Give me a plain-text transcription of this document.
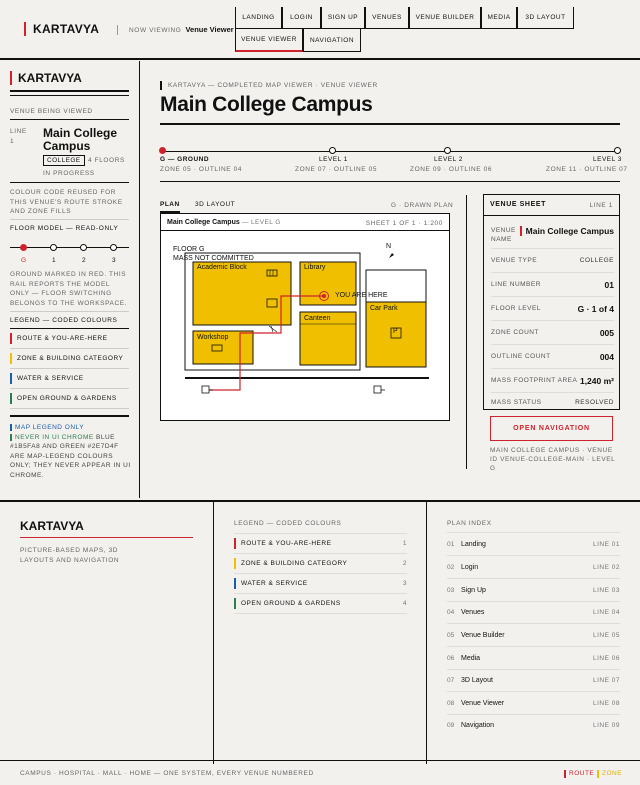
KARTAVYA	NOW VIEWING Venue Viewer
LANDING	LOGIN	SIGN UP	VENUES	VENUE BUILDER	MEDIA	3D LAYOUT
VENUE VIEWER	NAVIGATION
KARTAVYA
VENUE BEING VIEWED
LINE
1
Main College Campus
COLLEGE	4 FLOORS
IN PROGRESS
COLOUR CODE REUSED FOR THIS VENUE'S ROUTE STROKE AND ZONE FILLS
FLOOR MODEL — READ-ONLY
G	1	2	3
GROUND MARKED IN RED. THIS RAIL REPORTS THE MODEL ONLY — FLOOR SWITCHING BELONGS TO THE WORKSPACE.
LEGEND — CODED COLOURS
ROUTE & YOU-ARE-HERE
ZONE & BUILDING CATEGORY
WATER & SERVICE
OPEN GROUND & GARDENS
MAP LEGEND ONLY
NEVER IN UI CHROME BLUE #1B5FA8 AND GREEN #2E7D4F ARE MAP-LEGEND COLOURS ONLY; THEY NEVER APPEAR IN UI CHROME.
KARTAVYA — COMPLETED MAP VIEWER · VENUE VIEWER
Main College Campus
G — GROUND
ZONE 05 · OUTLINE 04
LEVEL 1
ZONE 07 · OUTLINE 05
LEVEL 2
ZONE 09 · OUTLINE 06
LEVEL 3
ZONE 11 · OUTLINE 07
PLAN 3D LAYOUT	G · DRAWN PLAN
Main College Campus — LEVEL G	SHEET 1 OF 1 · 1:200
FLOOR G
MASS NOT COMMITTED
N
Academic Block	Library
Canteen
Workshop
Car Park
YOU ARE HERE
P
VENUE SHEET	LINE 1
VENUE NAME
Main College Campus
VENUE TYPE	COLLEGE
LINE NUMBER	01
FLOOR LEVEL	G · 1 of 4
ZONE COUNT	005
OUTLINE COUNT	004
MASS FOOTPRINT AREA 1,240 m²
MASS STATUS	RESOLVED
OPEN NAVIGATION
MAIN COLLEGE CAMPUS · VENUE ID VENUE-COLLEGE-MAIN · LEVEL G
KARTAVYA
PICTURE-BASED MAPS, 3D LAYOUTS AND NAVIGATION
LEGEND — CODED COLOURS
ROUTE & YOU-ARE-HERE	1
ZONE & BUILDING CATEGORY	2
WATER & SERVICE	3
OPEN GROUND & GARDENS	4
PLAN INDEX
01 Landing	LINE 01
02 Login	LINE 02
03 Sign Up	LINE 03
04 Venues	LINE 04
05 Venue Builder	LINE 05
06 Media	LINE 06
07 3D Layout	LINE 07
08 Venue Viewer	LINE 08
09 Navigation	LINE 09
CAMPUS · HOSPITAL · MALL · HOME — ONE SYSTEM, EVERY VENUE NUMBERED	ROUTE	ZONE
